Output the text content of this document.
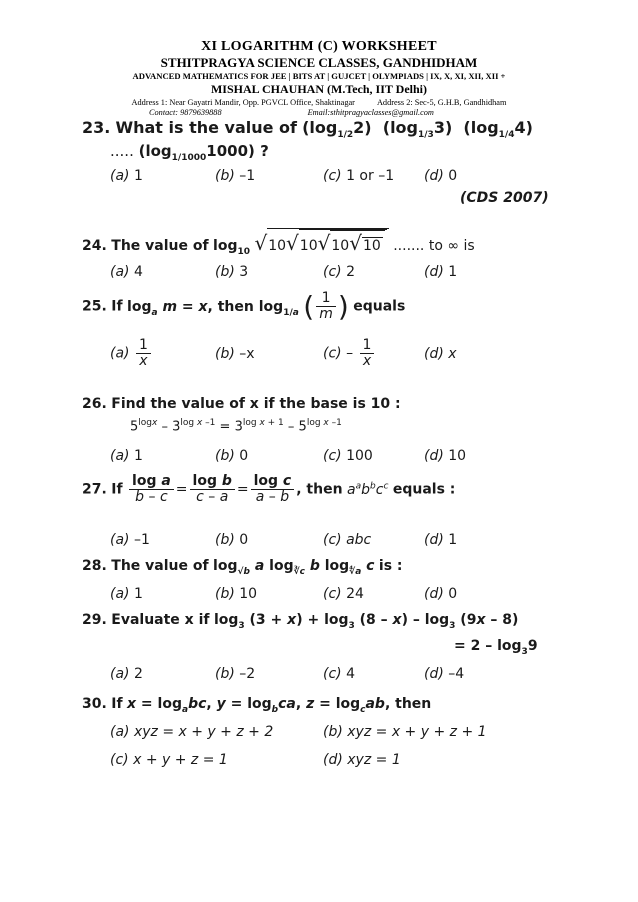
XI LOGARITHM (C) WORKSHEET
STHITPRAGYA SCIENCE CLASSES, GANDHIDHAM
ADVANCED MATHEMATICS FOR JEE | BITS AT | GUJCET | OLYMPIADS | IX, X, XI, XII, XII +
MISHAL CHAUHAN (M.Tech, IIT Delhi)
Address 1: Near Gayatri Mandir, Opp. PGVCL Office, Shaktinagar	Address 2: Sec-5, G.H.B, Gandhidham
Contact: 9879639888	Email:sthitpragyaclasses@gmail.com
23. What is the value of $(\log_{1/2}2)$  $(\log_{1/3}3)$  $(\log_{1/4}4)$
..... $(\log_{1/1000}1000)$ ?
(a) 1	(b) –1	(c) 1 or –1 (d) 0
(CDS 2007)
24. The value of $\log_{10} √10√10√10√10$ ....... to ∞ is
(a) 4	(b) 3	(c) 2	(d) 1
25. If $\log_a m = x$, then $\log_{1/a}$ ( $\frac{1}{m}$ ) equals
$(a) \frac{1}{x}$	(b) –x	$(c) - \frac{1}{x}$	(d) x
26. Find the value of x if the base is 10 :
$5^{logx} - 3^{log x -1} = 3^{log x + 1} - 5^{log x -1}$
(a) 1	(b) 0	(c) 100	(d) 10
27. If $\frac{\text{log a}}{b - c} = \frac{\text{log b}}{c - a} = \frac{\text{log c}}{a - b}$ , then $a^ab^bc^c$ equals :
(a) –1	(b) 0	(c) abc	(d) 1
28. The value of $\log_{√b} a$ $\log_{∛c} b$ $\log_{∜a} c$ is :
(a) 1	(b) 10	(c) 24	(d) 0
29. Evaluate x if $\log_3 (3 + x) + \log_3 (8 - x) - \log_3 (9x - 8)$
= $2 - \log_39$
(a) 2	(b) –2	(c) 4	(d) –4
30. If $x = \log_abc$, $y = \log_bca$, $z = \log_cab$, then
(a) xyz = x + y + z + 2	(b) xyz = x + y + z + 1
(c) x + y + z = 1	(d) xyz = 1
